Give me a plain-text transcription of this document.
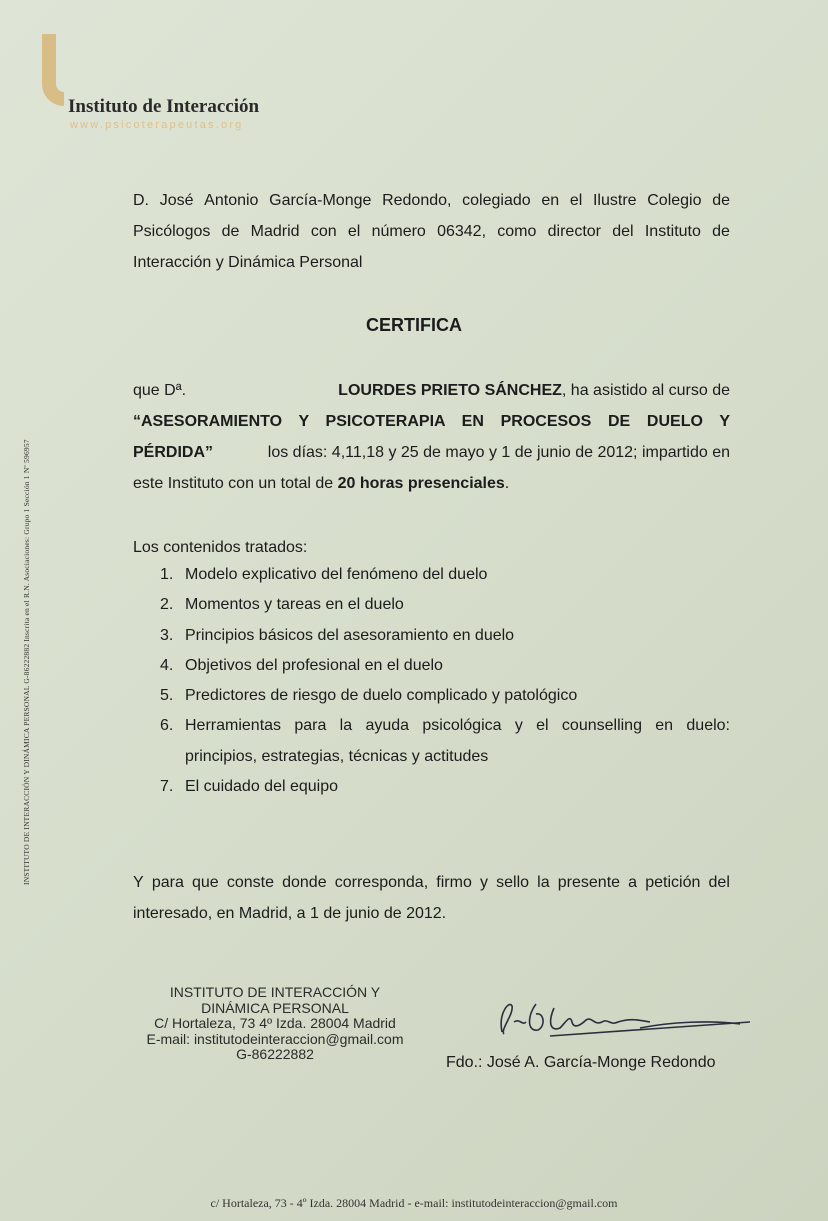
Instituto de Interacción
www.psicoterapeutas.org
INSTITUTO DE INTERACCIÓN Y DINÁMICA PERSONAL G-86222882 Inscrita en el R.N. Asociaciones: Grupo 1 Sección 1 Nº 596957
D. José Antonio García-Monge Redondo, colegiado en el Ilustre Colegio de
Psicólogos de Madrid con el número 06342, como director del Instituto de
Interacción y Dinámica Personal
CERTIFICA
que Dª.	LOURDES PRIETO SÁNCHEZ, ha asistido al curso de
“ASESORAMIENTO Y PSICOTERAPIA EN PROCESOS DE DUELO Y
PÉRDIDA”	los días: 4,11,18 y 25 de mayo y 1 de junio de 2012; impartido en
este Instituto con un total de 20 horas presenciales.
Los contenidos tratados:
1. Modelo explicativo del fenómeno del duelo
2. Momentos y tareas en el duelo
3. Principios básicos del asesoramiento en duelo
4. Objetivos del profesional en el duelo
5. Predictores de riesgo de duelo complicado y patológico
6. Herramientas para la ayuda psicológica y el counselling en duelo:
principios, estrategias, técnicas y actitudes
7. El cuidado del equipo
Y para que conste donde corresponda, firmo y sello la presente a petición del
interesado, en Madrid, a 1 de junio de 2012.
INSTITUTO DE INTERACCIÓN Y
DINÁMICA PERSONAL
C/ Hortaleza, 73 4º Izda. 28004 Madrid
E-mail: institutodeinteraccion@gmail.com
G-86222882	Fdo.: José A. García-Monge Redondo
c/ Hortaleza, 73 - 4º Izda. 28004 Madrid - e-mail: institutodeinteraccion@gmail.com
